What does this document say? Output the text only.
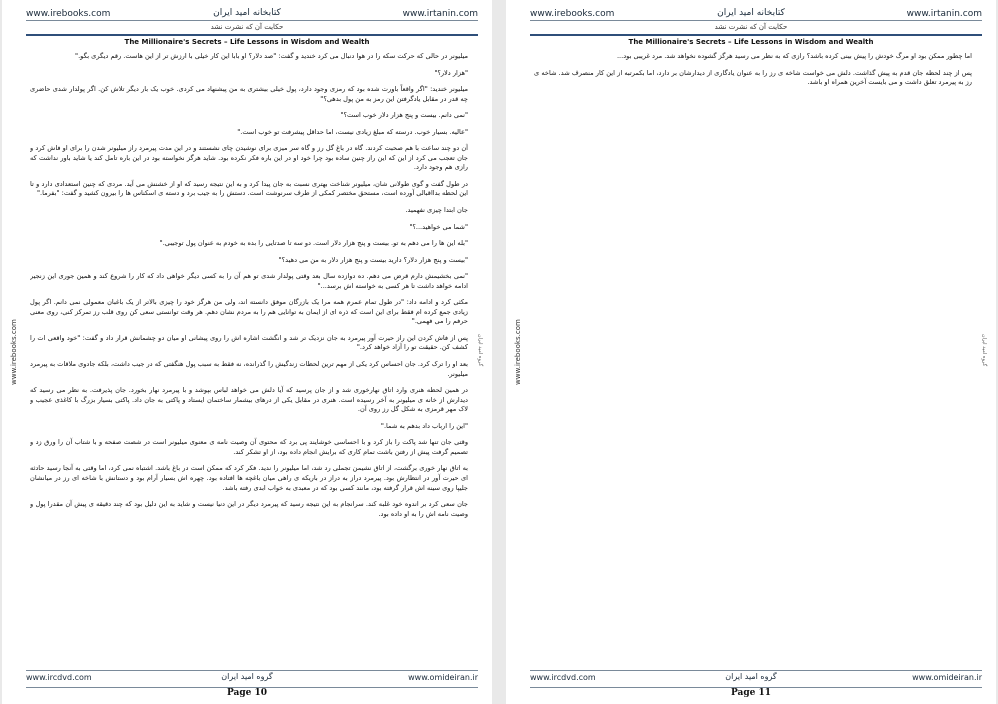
www.irebooks.com	کتابخانه امید ایران	www.irtanin.com
حکایت آن که نشرت نشد
The Millionaire's Secrets – Life Lessons in Wisdom and Wealth
www.irebooks.com	گروه امید ایران

میلیونر در حالی که حرکت سکه را در هوا دنبال می کرد خندید و گفت: "صد دلار؟ او بابا این کار خیلی با ارزش تر از این هاست. رقم دیگری بگو."

"هزار دلار؟"

میلیونر خندید: "اگر واقعاً باورت شده بود که رمزی وجود دارد، پول خیلی بیشتری به من پیشنهاد می کردی. خوب یک بار دیگر تلاش کن. اگر پولدار شدی حاضری چه قدر در مقابل یادگرفتن این رمز به من پول بدهی؟"

"نمی دانم. بیست و پنج هزار دلار خوب است؟"

"عالیه. بسیار خوب. درسته که مبلغ زیادی نیست، اما حداقل پیشرفت تو خوب است."

آن دو چند ساعت با هم صحبت کردند. گاه در باغ گل رز و گاه سر میزی برای نوشیدن چای نشستند و در این مدت پیرمرد راز میلیونر شدن را برای او فاش کرد و جان تعجب می کرد از این که این راز چنین ساده بود چرا خود او در این باره فکر نکرده بود. شاید هرگز نخواسته بود در این باره تامل کند یا شاید باور نداشت که رازی هم وجود دارد.

در طول گفت و گوی طولانی شان، میلیونر شناخت بهتری نسبت به جان پیدا کرد و به این نتیجه رسید که او از خشنش می آید. مردی که چنین استعدادی دارد و تا این لحظه بدااقبالی آورده است، مستحق مختصر کمکی از طرف سرنوشت است. دستش را به جیب برد و دسته ی اسکناس ها را بیرون کشید و گفت: "بفرما."

جان ابتدا چیزی نفهمید.

"شما می خواهید...؟"

"بله این ها را می دهم به تو. بیست و پنج هزار دلار است. دو سه تا صدتایی را بده به خودم به عنوان پول توجیبی."

"بیست و پنج هزار دلار؟ دارید بیست و پنج هزار دلار به من می دهید؟"

"نمی بخشیمش دارم قرض می دهم. ده دوازده سال بعد وقتی پولدار شدی تو هم آن را به کسی دیگر خواهی داد که کار را شروع کند و همین جوری این زنجیر ادامه خواهد داشت تا هر کسی به خواسته اش برسد..."

مکثی کرد و ادامه داد: "در طول تمام عمرم همه مرا یک بازرگان موفق دانسته اند، ولی من هرگز خود را چیزی بالاتر از یک باغبان معمولی نمی دانم. اگر پول زیادی جمع کرده ام فقط برای این است که ذره ای از ایمان به توانایی هم را به مردم نشان دهم. هر وقت توانستی سعی کن روی قلب رز تمرکز کنی، روی معنی حرفم را می فهمی."

پس از فاش کردن این راز حیرت آور پیرمرد به جان نزدیک تر شد و انگشت اشاره اش را روی پیشانی او میان دو چشمانش قرار داد و گفت: "خود واقعی ات را کشف کن. حقیقت تو را آزاد خواهد کرد."

بعد او را ترک کرد. جان احساس کرد یکی از مهم ترین لحظات زندگیش را گذرانده، نه فقط به سبب پول هنگفتی که در جیب داشت، بلکه جادوی ملاقات به پیرمرد میلیونر.

در همین لحظه هنری وارد اتاق نهارخوری شد و از جان پرسید که آیا دلش می خواهد لباس بپوشد و با پیرمرد نهار بخورد. جان پذیرفت. به نظر می رسید که دیدارش از خانه ی میلیونر به آخر رسیده است. هنری در مقابل یکی از درهای بیشمار ساختمان ایستاد و پاکتی به جان داد. پاکتی بسیار بزرگ با کاغذی عجیب و لاک مهر قرمزی به شکل گل رز روی آن.

"این را ارباب داد بدهم به شما."

وقتی جان تنها شد پاکت را باز کرد و با احساسی خوشایند پی برد که محتوی آن وصیت نامه ی معنوی میلیونر است در شصت صفحه و با شتاب آن را ورق زد و تصمیم گرفت پیش از رفتن باشت تمام کاری که برایش انجام داده بود، از او تشکر کند.

به اتاق نهار خوری برگشت، از اتاق نشیمن تجملی رد شد، اما میلیونر را ندید. فکر کرد که ممکن است در باغ باشد. اشتباه نمی کرد، اما وقتی به آنجا رسید حادثه ای حیرت آور در انتظارش بود. پیرمرد دراز به دراز در باریکه ی راهی میان باغچه ها افتاده بود. چهره اش بسیار آرام بود و دستانش با شاخه ای رز در میانشان جلیپا روی سینه اش قرار گرفته بود، مانند کسی بود که در معبدی به خواب ابدی رفته باشد.

جان سعی کرد بر اندوه خود غلبه کند. سرانجام به این نتیجه رسید که پیرمرد دیگر در این دنیا نیست و شاید به این دلیل بود که چند دقیقه ی پیش آن مقدرا پول و وصیت نامه اش را به او داده بود.

www.ircdvd.com	گروه امید ایران	www.omideiran.ir
Page 10
www.irebooks.com	کتابخانه امید ایران	www.irtanin.com
حکایت آن که نشرت نشد
The Millionaire's Secrets – Life Lessons in Wisdom and Wealth
www.irebooks.com	گروه امید ایران

اما چطور ممکن بود او مرگ خودش را پیش بینی کرده باشد؟ رازی که به نظر می رسید هرگز گشوده نخواهد شد. مرد غریبی بود...

پس از چند لحظه جان قدم به پیش گذاشت. دلش می خواست شاخه ی رز را به عنوان یادگاری از دیدارشان بر دارد، اما بکمرتبه از این کار منصرف شد. شاخه ی رز به پیرمرد تعلق داشت و می بایست آخرین همراه او باشد.

www.ircdvd.com	گروه امید ایران	www.omideiran.ir
Page 11
